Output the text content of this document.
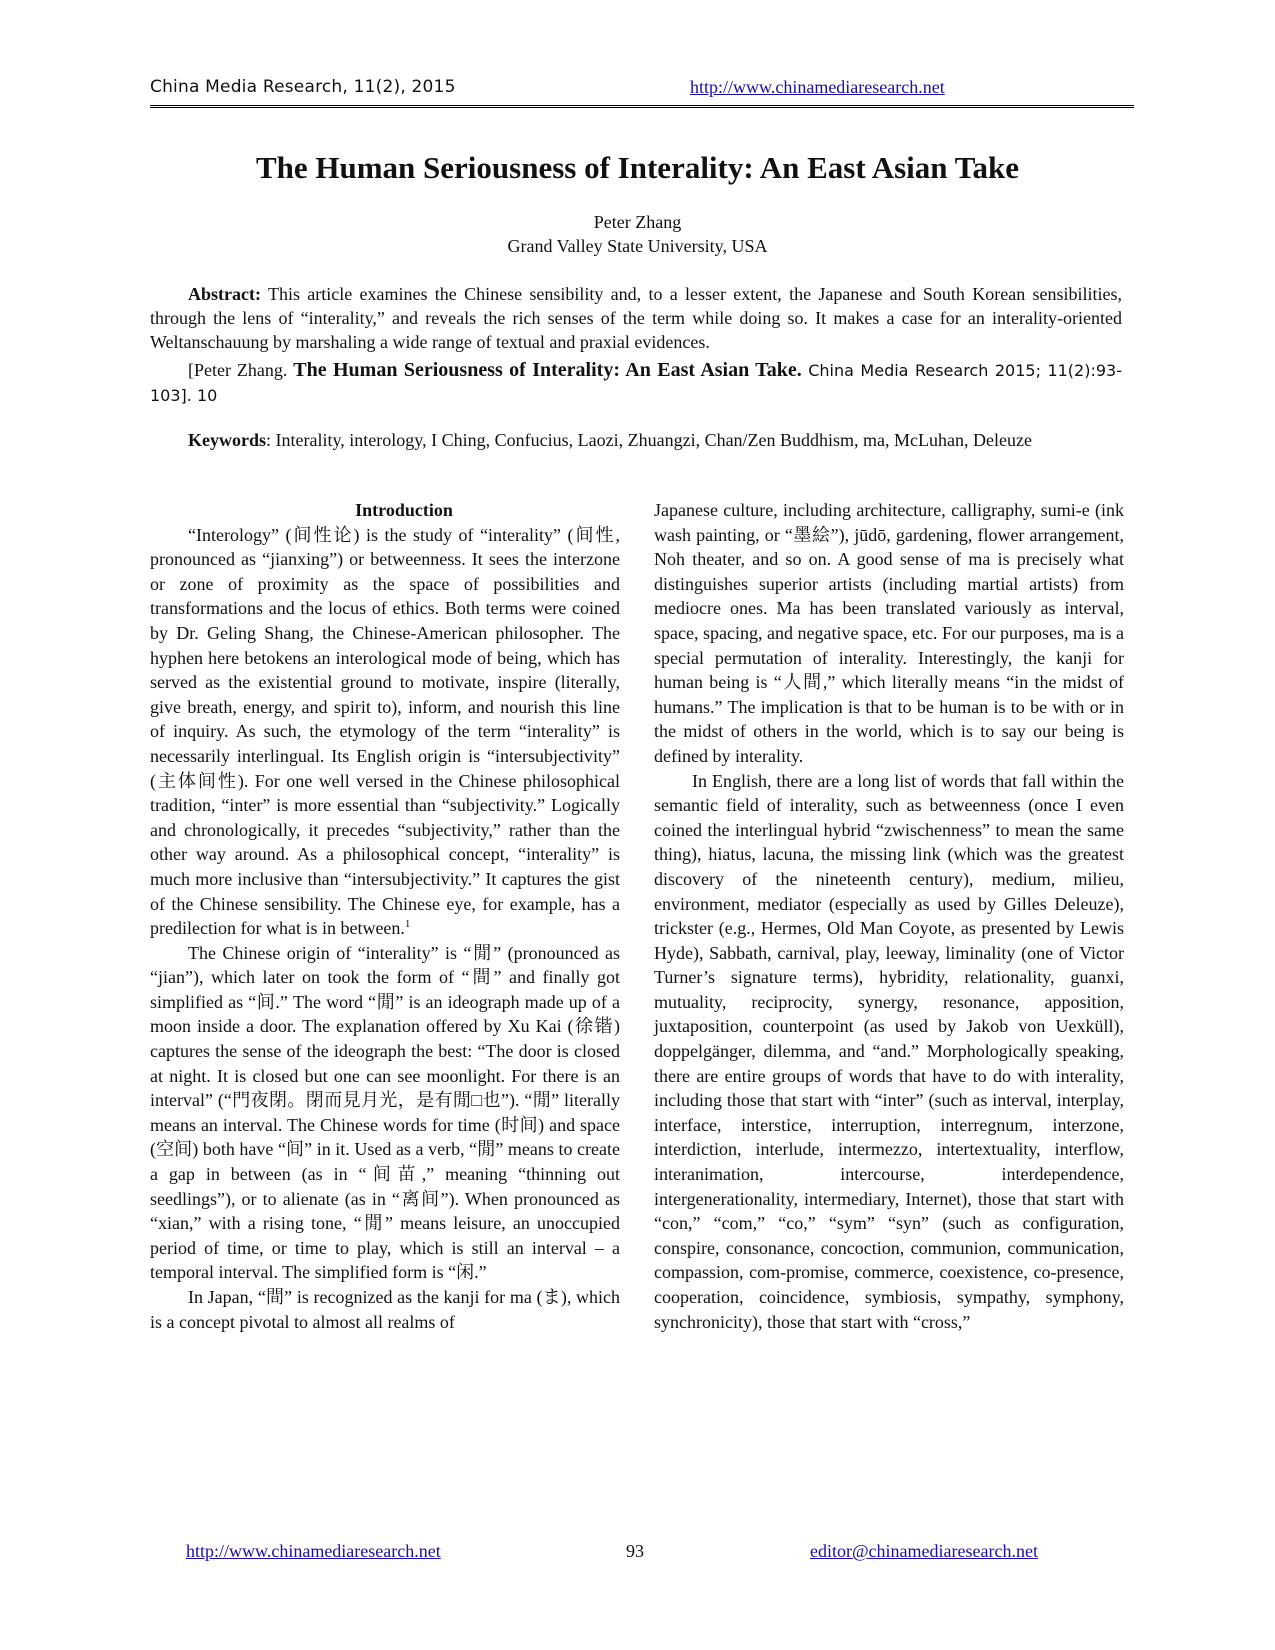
China Media Research, 11(2), 2015	http://www.chinamediaresearch.net
The Human Seriousness of Interality: An East Asian Take
Peter Zhang
Grand Valley State University, USA

Abstract: This article examines the Chinese sensibility and, to a lesser extent, the Japanese and South Korean sensibilities, through the lens of “interality,” and reveals the rich senses of the term while doing so. It makes a case for an interality-oriented Weltanschauung by marshaling a wide range of textual and praxial evidences.

[Peter Zhang. The Human Seriousness of Interality: An East Asian Take. China Media Research 2015; 11(2):93-103]. 10

Keywords: Interality, interology, I Ching, Confucius, Laozi, Zhuangzi, Chan/Zen Buddhism, ma, McLuhan, Deleuze

Introduction

“Interology” (间性论) is the study of “interality” (间性, pronounced as “jianxing”) or betweenness. It sees the interzone or zone of proximity as the space of possibilities and transformations and the locus of ethics. Both terms were coined by Dr. Geling Shang, the Chinese-American philosopher. The hyphen here betokens an interological mode of being, which has served as the existential ground to motivate, inspire (literally, give breath, energy, and spirit to), inform, and nourish this line of inquiry. As such, the etymology of the term “interality” is necessarily interlingual. Its English origin is “intersubjectivity” (主体间性). For one well versed in the Chinese philosophical tradition, “inter” is more essential than “subjectivity.” Logically and chronologically, it precedes “subjectivity,” rather than the other way around. As a philosophical concept, “interality” is much more inclusive than “intersubjectivity.” It captures the gist of the Chinese sensibility. The Chinese eye, for example, has a predilection for what is in between.$^1$

The Chinese origin of “interality” is “閒” (pronounced as “jian”), which later on took the form of “間” and finally got simplified as “间.” The word “閒” is an ideograph made up of a moon inside a door. The explanation offered by Xu Kai (徐锴) captures the sense of the ideograph the best: “The door is closed at night. It is closed but one can see moonlight. For there is an interval” (“門夜閉。閉而見月光，是有閒□也”). “閒” literally means an interval. The Chinese words for time (时间) and space (空间) both have “间” in it. Used as a verb, “閒” means to create a gap in between (as in “间苗,” meaning “thinning out seedlings”), or to alienate (as in “离间”). When pronounced as “xian,” with a rising tone, “閒” means leisure, an unoccupied period of time, or time to play, which is still an interval – a temporal interval. The simplified form is “闲.”

In Japan, “間” is recognized as the kanji for ma (ま), which is a concept pivotal to almost all realms of

Japanese culture, including architecture, calligraphy, sumi-e (ink wash painting, or “墨絵”), jūdō, gardening, flower arrangement, Noh theater, and so on. A good sense of ma is precisely what distinguishes superior artists (including martial artists) from mediocre ones. Ma has been translated variously as interval, space, spacing, and negative space, etc. For our purposes, ma is a special permutation of interality. Interestingly, the kanji for human being is “人間,” which literally means “in the midst of humans.” The implication is that to be human is to be with or in the midst of others in the world, which is to say our being is defined by interality.

In English, there are a long list of words that fall within the semantic field of interality, such as betweenness (once I even coined the interlingual hybrid “zwischenness” to mean the same thing), hiatus, lacuna, the missing link (which was the greatest discovery of the nineteenth century), medium, milieu, environment, mediator (especially as used by Gilles Deleuze), trickster (e.g., Hermes, Old Man Coyote, as presented by Lewis Hyde), Sabbath, carnival, play, leeway, liminality (one of Victor Turner’s signature terms), hybridity, relationality, guanxi, mutuality, reciprocity, synergy, resonance, apposition, juxtaposition, counterpoint (as used by Jakob von Uexküll), doppelgänger, dilemma, and “and.” Morphologically speaking, there are entire groups of words that have to do with interality, including those that start with “inter” (such as interval, interplay, interface, interstice, interruption, interregnum, interzone, interdiction, interlude, intermezzo, intertextuality, interflow, interanimation, intercourse, interdependence, intergenerationality, intermediary, Internet), those that start with “con,” “com,” “co,” “sym” “syn” (such as configuration, conspire, consonance, concoction, communion, communication, compassion, com-promise, commerce, coexistence, co-presence, cooperation, coincidence, symbiosis, sympathy, symphony, synchronicity), those that start with “cross,”

http://www.chinamediaresearch.net	93	editor@chinamediaresearch.net
